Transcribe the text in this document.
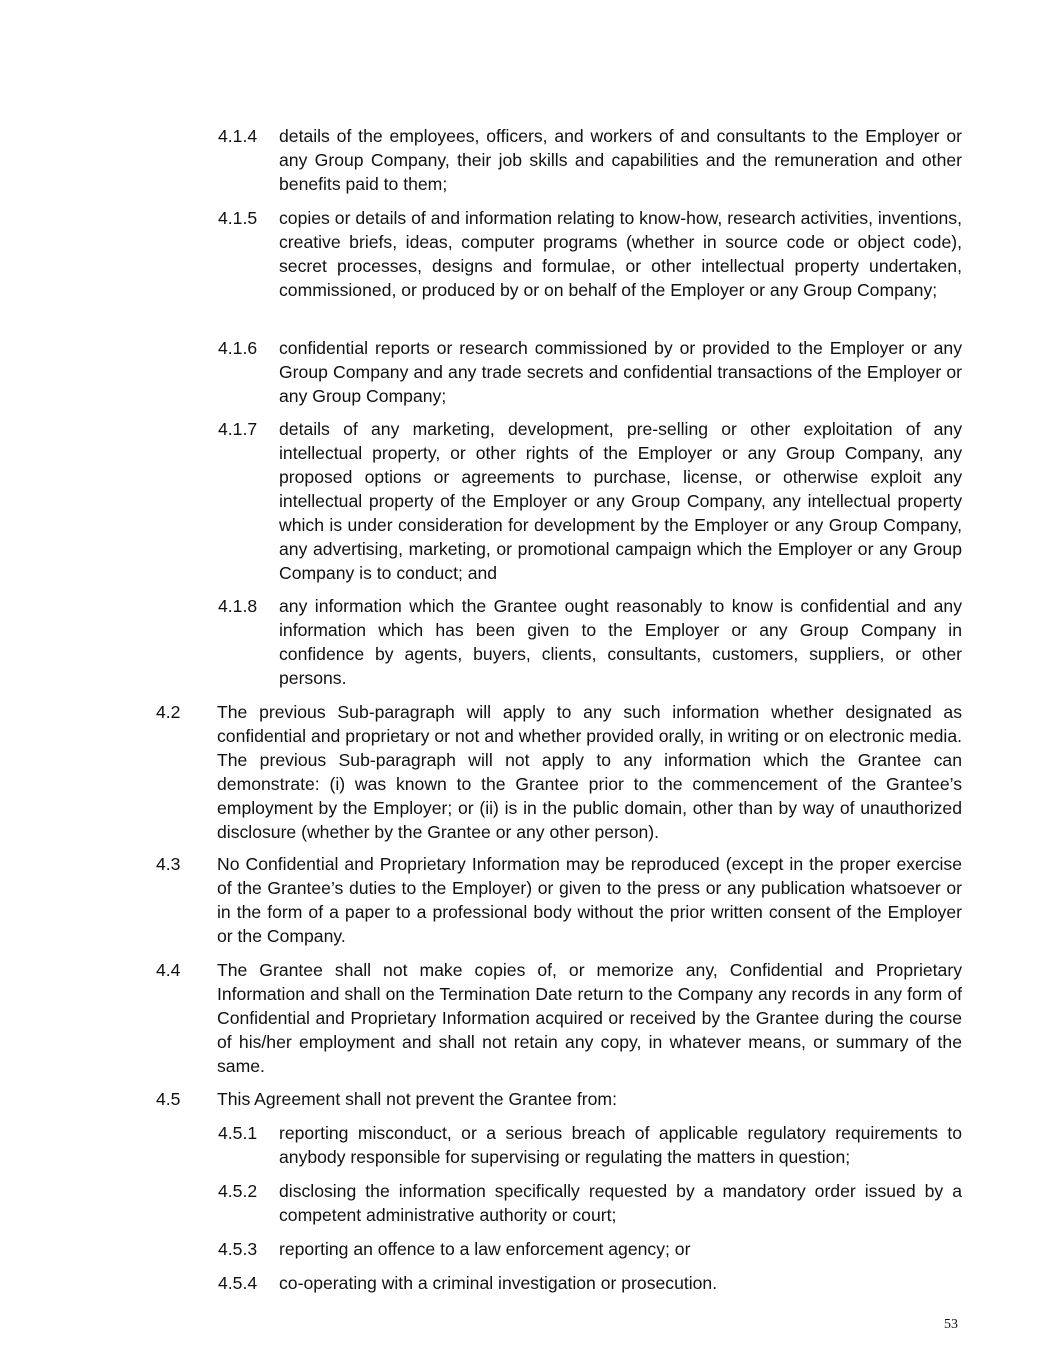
4.1.4	details of the employees, officers, and workers of and consultants to the Employer or any Group Company, their job skills and capabilities and the remuneration and other benefits paid to them;
4.1.5	copies or details of and information relating to know-how, research activities, inventions, creative briefs, ideas, computer programs (whether in source code or object code), secret processes, designs and formulae, or other intellectual property undertaken, commissioned, or produced by or on behalf of the Employer or any Group Company;
4.1.6	confidential reports or research commissioned by or provided to the Employer or any Group Company and any trade secrets and confidential transactions of the Employer or any Group Company;
4.1.7	details of any marketing, development, pre-selling or other exploitation of any intellectual property, or other rights of the Employer or any Group Company, any proposed options or agreements to purchase, license, or otherwise exploit any intellectual property of the Employer or any Group Company, any intellectual property which is under consideration for development by the Employer or any Group Company, any advertising, marketing, or promotional campaign which the Employer or any Group Company is to conduct; and
4.1.8	any information which the Grantee ought reasonably to know is confidential and any information which has been given to the Employer or any Group Company in confidence by agents, buyers, clients, consultants, customers, suppliers, or other persons.
4.2	The previous Sub-paragraph will apply to any such information whether designated as confidential and proprietary or not and whether provided orally, in writing or on electronic media. The previous Sub-paragraph will not apply to any information which the Grantee can demonstrate: (i) was known to the Grantee prior to the commencement of the Grantee’s employment by the Employer; or (ii) is in the public domain, other than by way of unauthorized disclosure (whether by the Grantee or any other person).
4.3	No Confidential and Proprietary Information may be reproduced (except in the proper exercise of the Grantee’s duties to the Employer) or given to the press or any publication whatsoever or in the form of a paper to a professional body without the prior written consent of the Employer or the Company.
4.4	The Grantee shall not make copies of, or memorize any, Confidential and Proprietary Information and shall on the Termination Date return to the Company any records in any form of Confidential and Proprietary Information acquired or received by the Grantee during the course of his/her employment and shall not retain any copy, in whatever means, or summary of the same.
4.5	This Agreement shall not prevent the Grantee from:
4.5.1	reporting misconduct, or a serious breach of applicable regulatory requirements to anybody responsible for supervising or regulating the matters in question;
4.5.2	disclosing the information specifically requested by a mandatory order issued by a competent administrative authority or court;
4.5.3	reporting an offence to a law enforcement agency; or
4.5.4	co-operating with a criminal investigation or prosecution.
53
